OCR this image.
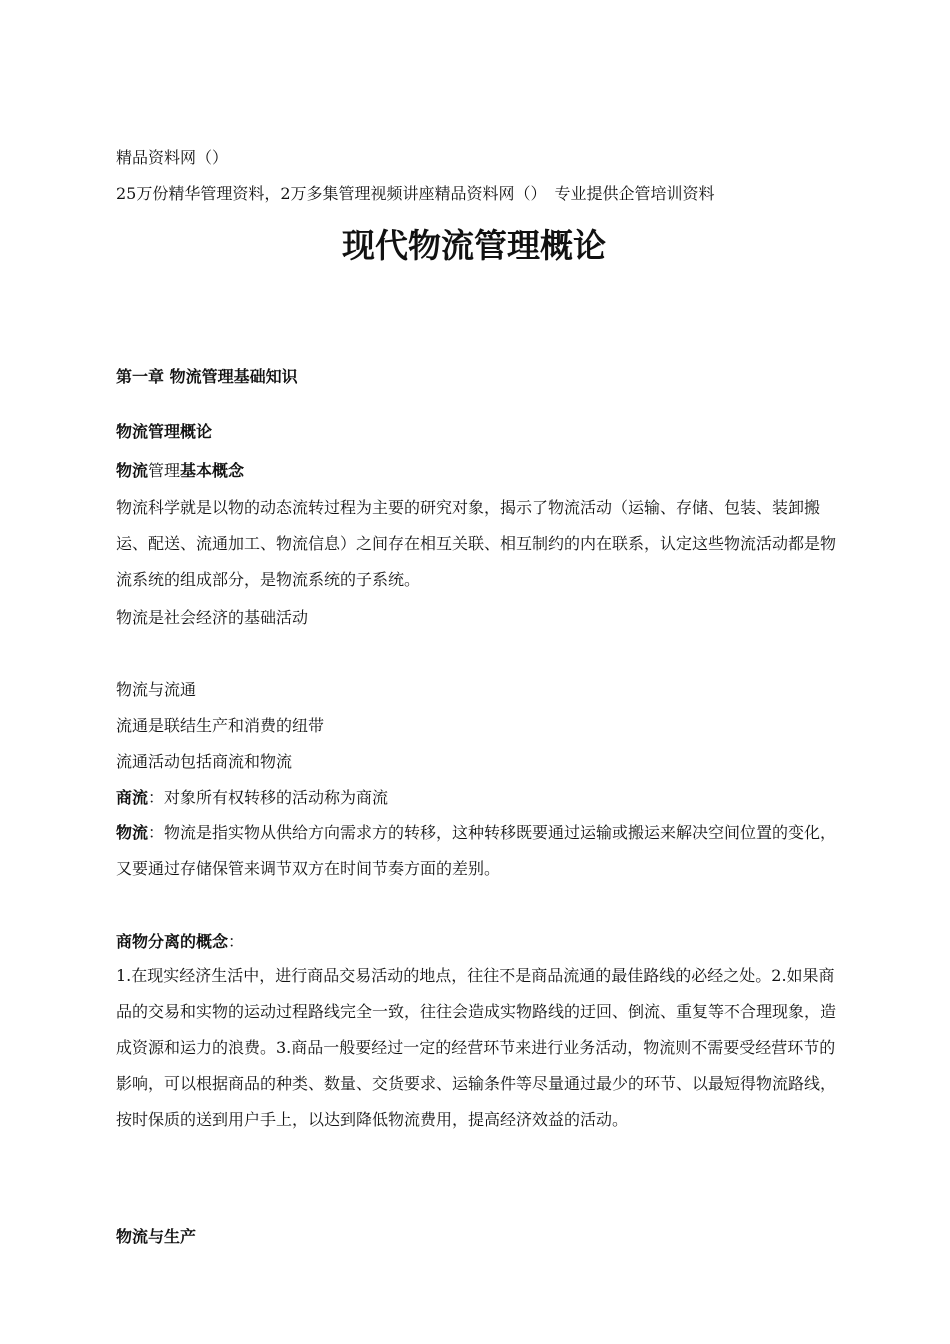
精品资料网（）
25万份精华管理资料，2万多集管理视频讲座精品资料网（）　专业提供企管培训资料
现代物流管理概论
第一章 物流管理基础知识
物流管理概论
物流管理基本概念
物流科学就是以物的动态流转过程为主要的研究对象，揭示了物流活动（运输、存储、包装、装卸搬运、配送、流通加工、物流信息）之间存在相互关联、相互制约的内在联系，认定这些物流活动都是物流系统的组成部分，是物流系统的子系统。
物流是社会经济的基础活动
物流与流通
流通是联结生产和消费的纽带
流通活动包括商流和物流
商流：对象所有权转移的活动称为商流
物流：物流是指实物从供给方向需求方的转移，这种转移既要通过运输或搬运来解决空间位置的变化，又要通过存储保管来调节双方在时间节奏方面的差别。
商物分离的概念：
1.在现实经济生活中，进行商品交易活动的地点，往往不是商品流通的最佳路线的必经之处。2.如果商品的交易和实物的运动过程路线完全一致，往往会造成实物路线的迂回、倒流、重复等不合理现象，造成资源和运力的浪费。3.商品一般要经过一定的经营环节来进行业务活动，物流则不需要受经营环节的影响，可以根据商品的种类、数量、交货要求、运输条件等尽量通过最少的环节、以最短得物流路线，按时保质的送到用户手上，以达到降低物流费用，提高经济效益的活动。
物流与生产
